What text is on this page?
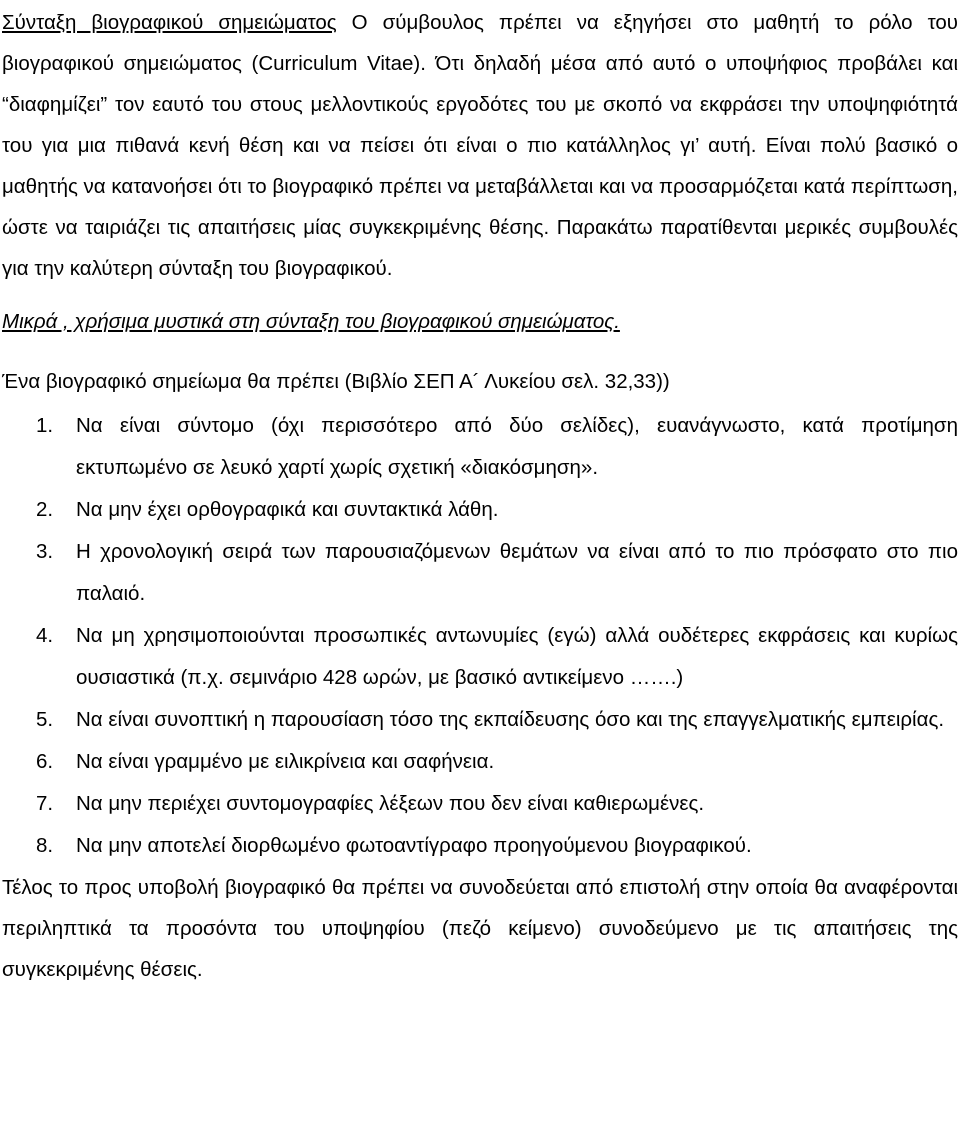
Σύνταξη βιογραφικού σημειώματος Ο σύμβουλος πρέπει να εξηγήσει στο μαθητή το ρόλο του βιογραφικού σημειώματος (Curriculum Vitae). Ότι δηλαδή μέσα από αυτό ο υποψήφιος προβάλει και “διαφημίζει” τον εαυτό του στους μελλοντικούς εργοδότες του με σκοπό να εκφράσει την υποψηφιότητά του για μια πιθανά κενή θέση και να πείσει ότι είναι ο πιο κατάλληλος γι’ αυτή. Είναι πολύ βασικό ο μαθητής να κατανοήσει ότι το βιογραφικό πρέπει να μεταβάλλεται και να προσαρμόζεται κατά περίπτωση, ώστε να ταιριάζει τις απαιτήσεις μίας συγκεκριμένης θέσης. Παρακάτω παρατίθενται μερικές συμβουλές για την καλύτερη σύνταξη του βιογραφικού.

Μικρά , χρήσιμα μυστικά στη σύνταξη του βιογραφικού σημειώματος.

Ένα βιογραφικό σημείωμα θα πρέπει (Βιβλίο ΣΕΠ Α´ Λυκείου σελ. 32,33))

1. Να είναι σύντομο (όχι περισσότερο από δύο σελίδες), ευανάγνωστο, κατά προτίμηση εκτυπωμένο σε λευκό χαρτί χωρίς σχετική «διακόσμηση».
2. Να μην έχει ορθογραφικά και συντακτικά λάθη.
3. Η χρονολογική σειρά των παρουσιαζόμενων θεμάτων να είναι από το πιο πρόσφατο στο πιο παλαιό.
4. Να μη χρησιμοποιούνται προσωπικές αντωνυμίες (εγώ) αλλά ουδέτερες εκφράσεις και κυρίως ουσιαστικά (π.χ. σεμινάριο 428 ωρών, με βασικό αντικείμενο …….)
5. Να είναι συνοπτική η παρουσίαση τόσο της εκπαίδευσης όσο και της επαγγελματικής εμπειρίας.
6. Να είναι γραμμένο με ειλικρίνεια και σαφήνεια.
7. Να μην περιέχει συντομογραφίες λέξεων που δεν είναι καθιερωμένες.
8. Να μην αποτελεί διορθωμένο φωτοαντίγραφο προηγούμενου βιογραφικού.

Τέλος το προς υποβολή βιογραφικό θα πρέπει να συνοδεύεται από επιστολή στην οποία θα αναφέρονται περιληπτικά τα προσόντα του υποψηφίου (πεζό κείμενο) συνοδεύμενο με τις απαιτήσεις της συγκεκριμένης θέσεις.
